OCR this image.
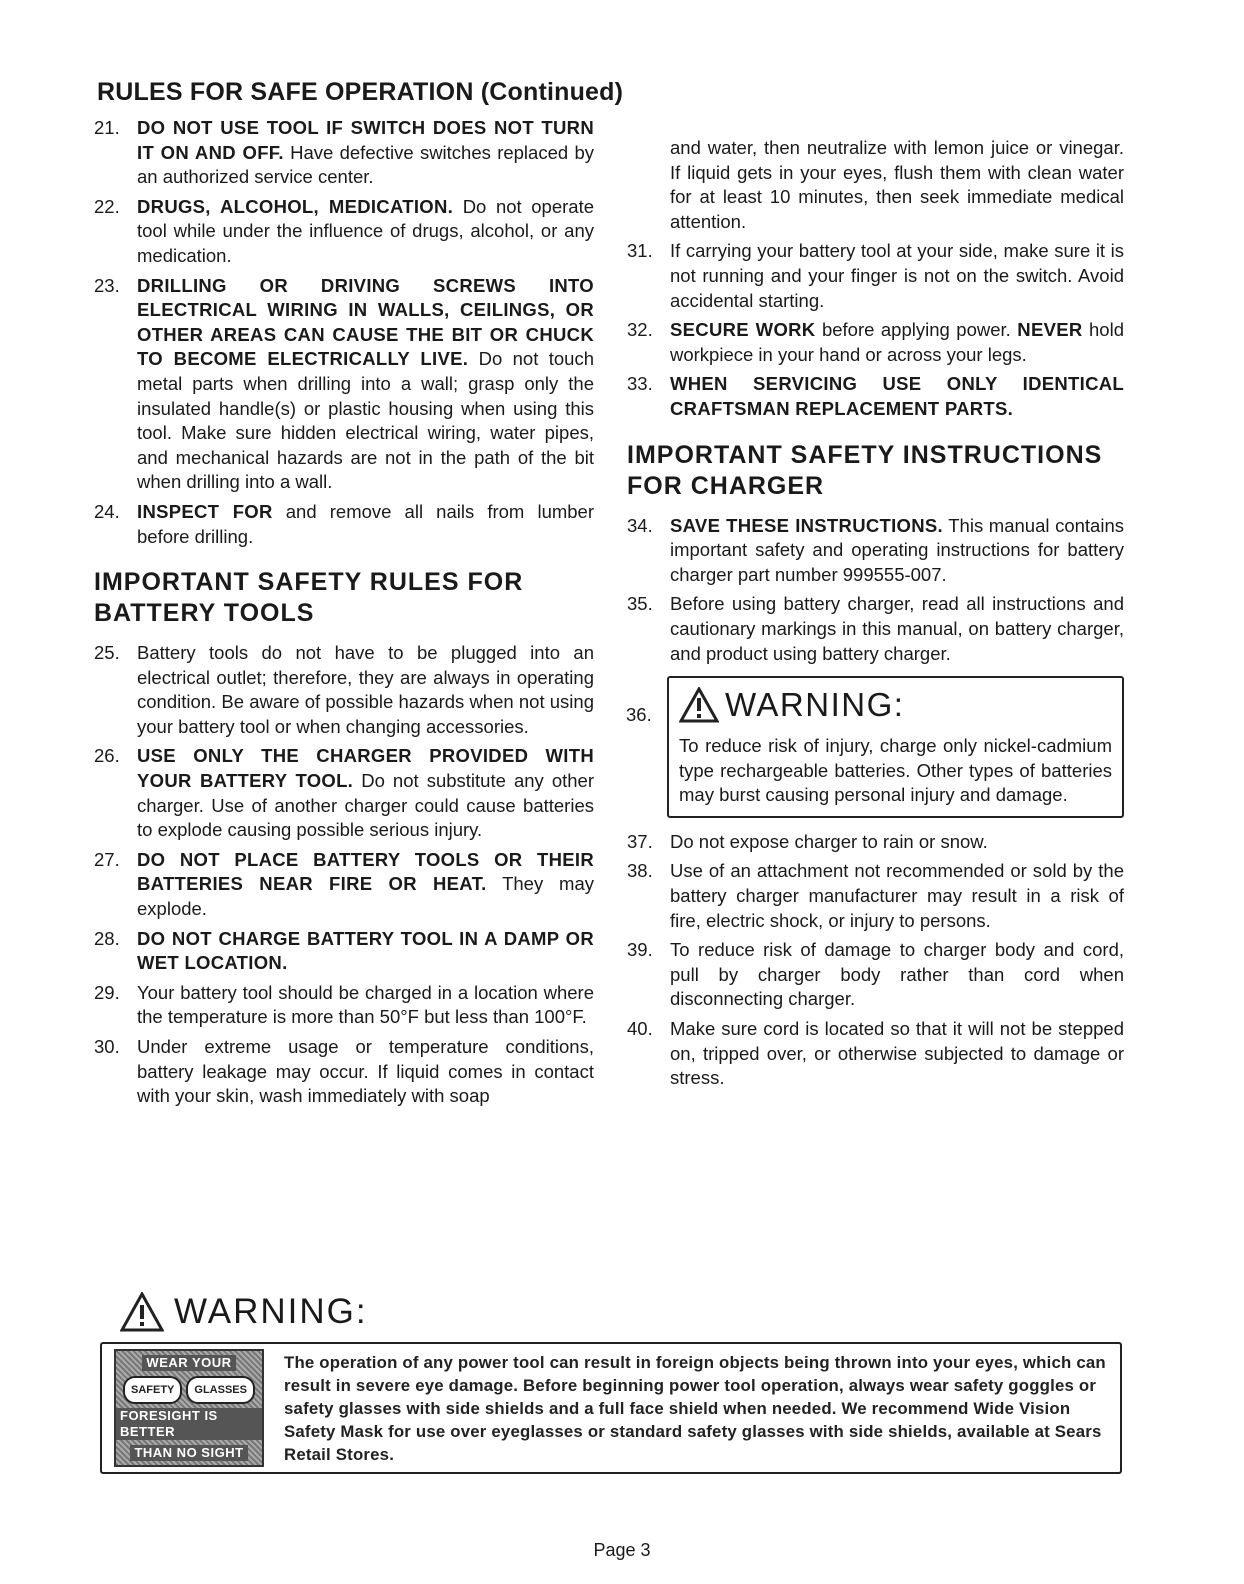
RULES FOR SAFE OPERATION (Continued)
21. DO NOT USE TOOL IF SWITCH DOES NOT TURN IT ON AND OFF. Have defective switches replaced by an authorized service center.
22. DRUGS, ALCOHOL, MEDICATION. Do not operate tool while under the influence of drugs, alcohol, or any medication.
23. DRILLING OR DRIVING SCREWS INTO ELECTRICAL WIRING IN WALLS, CEILINGS, OR OTHER AREAS CAN CAUSE THE BIT OR CHUCK TO BECOME ELECTRICALLY LIVE. Do not touch metal parts when drilling into a wall; grasp only the insulated handle(s) or plastic housing when using this tool. Make sure hidden electrical wiring, water pipes, and mechanical hazards are not in the path of the bit when drilling into a wall.
24. INSPECT FOR and remove all nails from lumber before drilling.
IMPORTANT SAFETY RULES FOR BATTERY TOOLS
25. Battery tools do not have to be plugged into an electrical outlet; therefore, they are always in operating condition. Be aware of possible hazards when not using your battery tool or when changing accessories.
26. USE ONLY THE CHARGER PROVIDED WITH YOUR BATTERY TOOL. Do not substitute any other charger. Use of another charger could cause batteries to explode causing possible serious injury.
27. DO NOT PLACE BATTERY TOOLS OR THEIR BATTERIES NEAR FIRE OR HEAT. They may explode.
28. DO NOT CHARGE BATTERY TOOL IN A DAMP OR WET LOCATION.
29. Your battery tool should be charged in a location where the temperature is more than 50°F but less than 100°F.
30. Under extreme usage or temperature conditions, battery leakage may occur. If liquid comes in contact with your skin, wash immediately with soap
and water, then neutralize with lemon juice or vinegar. If liquid gets in your eyes, flush them with clean water for at least 10 minutes, then seek immediate medical attention.
31. If carrying your battery tool at your side, make sure it is not running and your finger is not on the switch. Avoid accidental starting.
32. SECURE WORK before applying power. NEVER hold workpiece in your hand or across your legs.
33. WHEN SERVICING USE ONLY IDENTICAL CRAFTSMAN REPLACEMENT PARTS.
IMPORTANT SAFETY INSTRUCTIONS FOR CHARGER
34. SAVE THESE INSTRUCTIONS. This manual contains important safety and operating instructions for battery charger part number 999555-007.
35. Before using battery charger, read all instructions and cautionary markings in this manual, on battery charger, and product using battery charger.
36. WARNING:
To reduce risk of injury, charge only nickel-cadmium type rechargeable batteries. Other types of batteries may burst causing personal injury and damage.
37. Do not expose charger to rain or snow.
38. Use of an attachment not recommended or sold by the battery charger manufacturer may result in a risk of fire, electric shock, or injury to persons.
39. To reduce risk of damage to charger body and cord, pull by charger body rather than cord when disconnecting charger.
40. Make sure cord is located so that it will not be stepped on, tripped over, or otherwise subjected to damage or stress.
WARNING:
WEAR YOUR
SAFETY	GLASSES
FORESIGHT IS BETTER
THAN NO SIGHT
The operation of any power tool can result in foreign objects being thrown into your eyes, which can result in severe eye damage. Before beginning power tool operation, always wear safety goggles or safety glasses with side shields and a full face shield when needed. We recommend Wide Vision Safety Mask for use over eyeglasses or standard safety glasses with side shields, available at Sears Retail Stores.
Page 3
